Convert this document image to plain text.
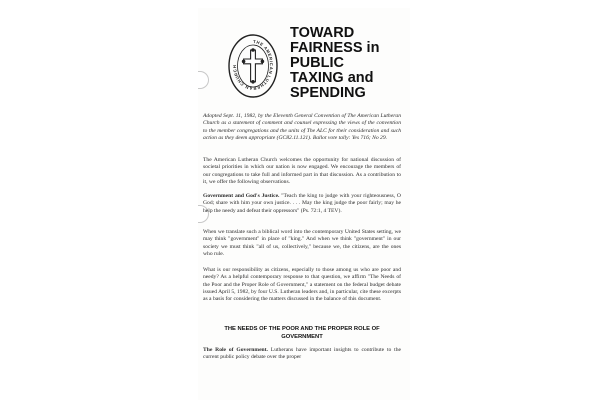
THE AMERICAN LUTHERAN CHURCH
TOWARD
FAIRNESS in
PUBLIC
TAXING and
SPENDING
Adopted Sept. 11, 1982, by the Eleventh General Convention of The American Lutheran Church as a statement of comment and counsel expressing the views of the convention to the member congregations and the units of The ALC for their consideration and such action as they deem appropriate (GC82.11.121). Ballot vote tally: Yes 716; No 29.
The American Lutheran Church welcomes the opportunity for national discussion of societal priorities in which our nation is now engaged. We encourage the members of our congregations to take full and informed part in that discussion. As a contribution to it, we offer the following observations.
Government and God's Justice. "Teach the king to judge with your righteousness, O God; share with him your own justice. . . . May the king judge the poor fairly; may he help the needy and defeat their oppressors" (Ps. 72:1, 4 TEV).
When we translate such a biblical word into the contemporary United States setting, we may think "government" in place of "king." And when we think "government" in our society we must think "all of us, collectively," because we, the citizens, are the ones who rule.
What is our responsibility as citizens, especially to those among us who are poor and needy? As a helpful contemporary response to that question, we affirm "The Needs of the Poor and the Proper Role of Government," a statement on the federal budget debate issued April 5, 1982, by four U.S. Lutheran leaders and, in particular, cite these excerpts as a basis for considering the matters discussed in the balance of this document.
THE NEEDS OF THE POOR AND THE PROPER ROLE OF GOVERNMENT
The Role of Government. Lutherans have important insights to contribute to the current public policy debate over the proper
